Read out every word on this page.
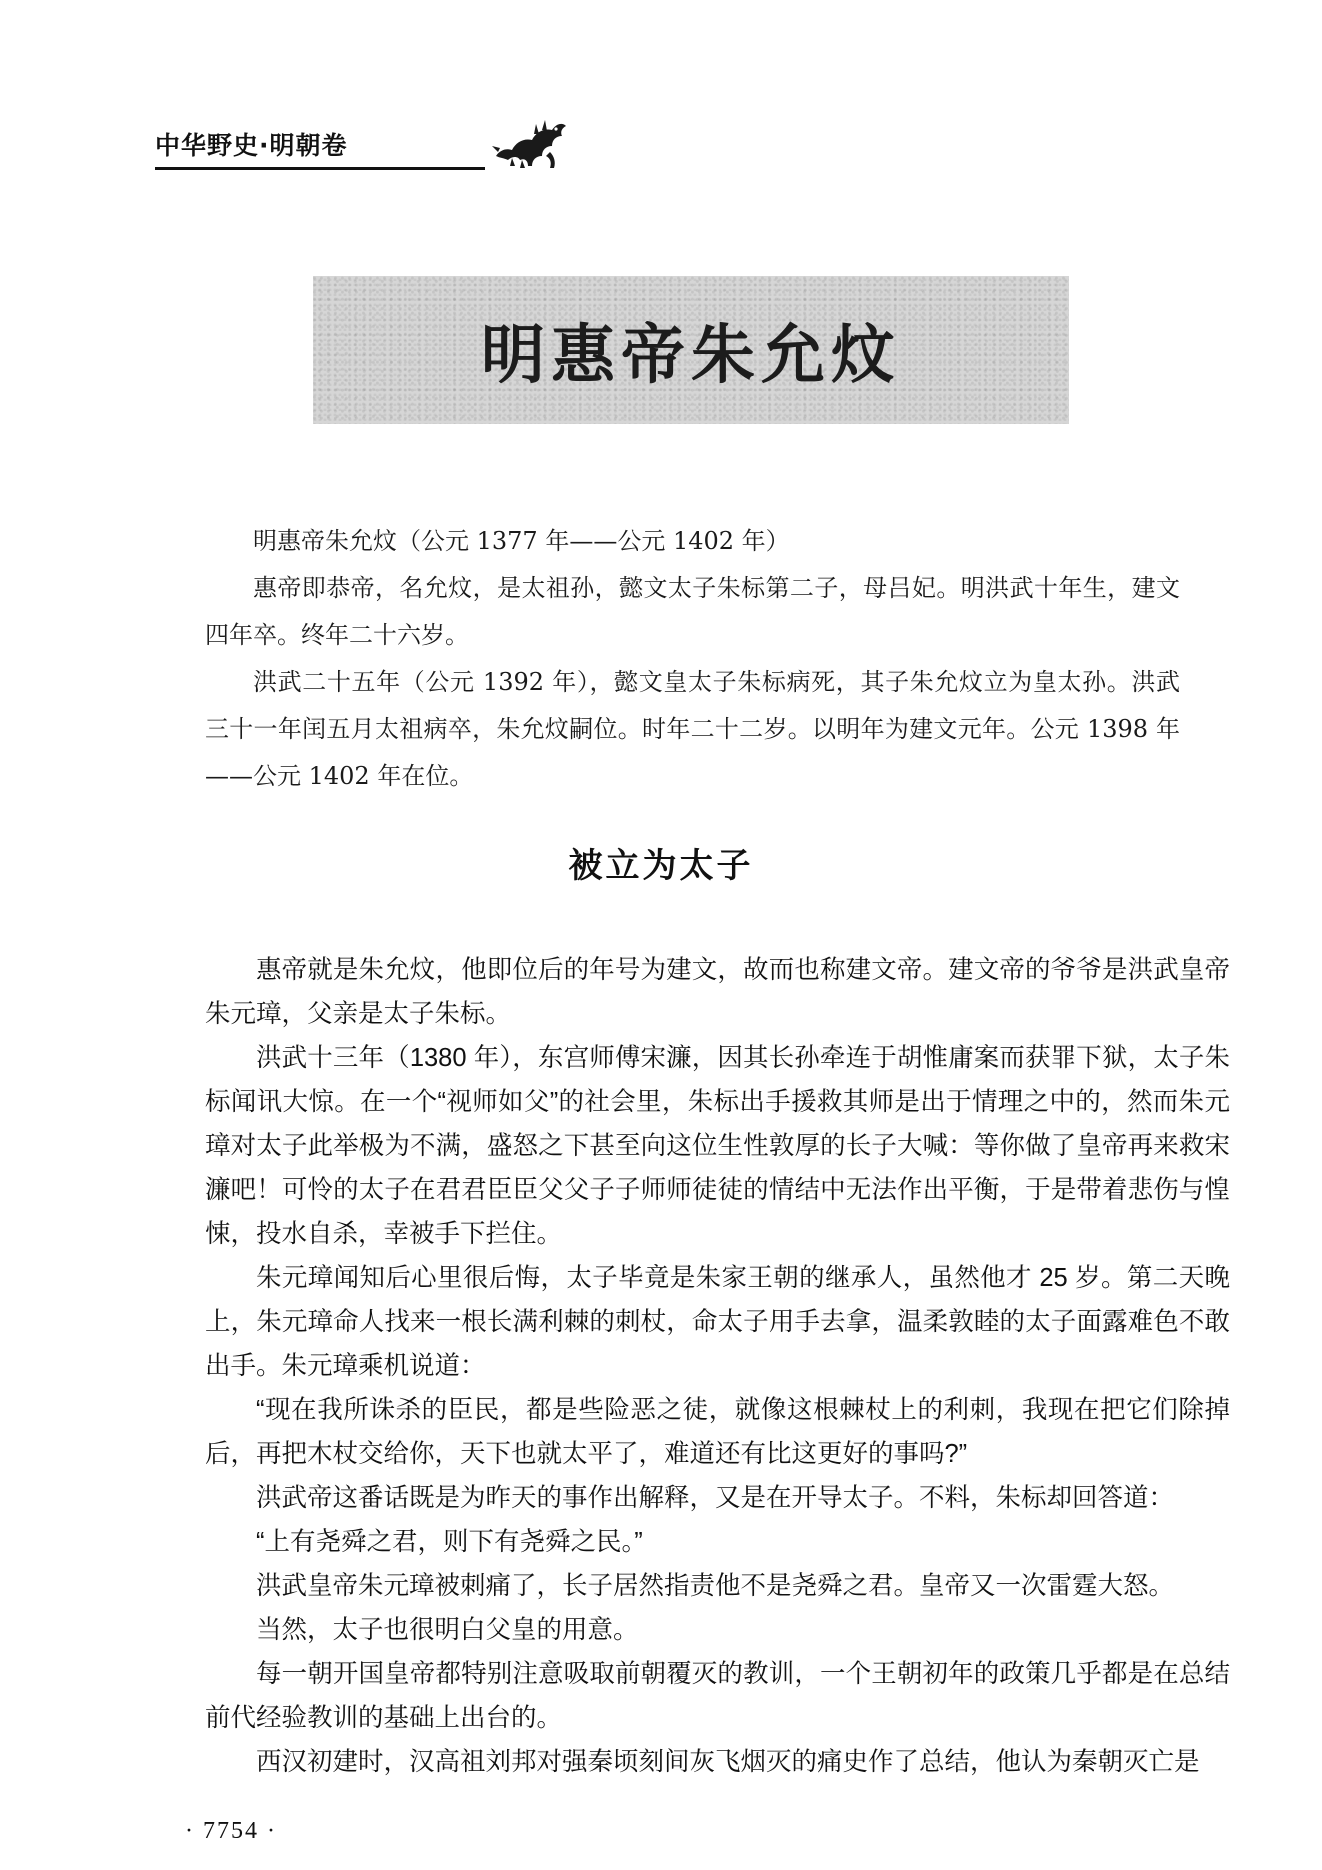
中华野史·明朝卷
明惠帝朱允炆

明惠帝朱允炆（公元 1377 年——公元 1402 年）

惠帝即恭帝，名允炆，是太祖孙，懿文太子朱标第二子，母吕妃。明洪武十年生，建文四年卒。终年二十六岁。

洪武二十五年（公元 1392 年），懿文皇太子朱标病死，其子朱允炆立为皇太孙。洪武三十一年闰五月太祖病卒，朱允炆嗣位。时年二十二岁。以明年为建文元年。公元 1398 年——公元 1402 年在位。

被立为太子

惠帝就是朱允炆，他即位后的年号为建文，故而也称建文帝。建文帝的爷爷是洪武皇帝朱元璋，父亲是太子朱标。

洪武十三年（1380 年），东宫师傅宋濂，因其长孙牵连于胡惟庸案而获罪下狱，太子朱标闻讯大惊。在一个“视师如父”的社会里，朱标出手援救其师是出于情理之中的，然而朱元璋对太子此举极为不满，盛怒之下甚至向这位生性敦厚的长子大喊：等你做了皇帝再来救宋濂吧！可怜的太子在君君臣臣父父子子师师徒徒的情结中无法作出平衡，于是带着悲伤与惶悚，投水自杀，幸被手下拦住。

朱元璋闻知后心里很后悔，太子毕竟是朱家王朝的继承人，虽然他才 25 岁。第二天晚上，朱元璋命人找来一根长满利棘的刺杖，命太子用手去拿，温柔敦睦的太子面露难色不敢出手。朱元璋乘机说道：

“现在我所诛杀的臣民，都是些险恶之徒，就像这根棘杖上的利刺，我现在把它们除掉后，再把木杖交给你，天下也就太平了，难道还有比这更好的事吗?”

洪武帝这番话既是为昨天的事作出解释，又是在开导太子。不料，朱标却回答道：

“上有尧舜之君，则下有尧舜之民。”

洪武皇帝朱元璋被刺痛了，长子居然指责他不是尧舜之君。皇帝又一次雷霆大怒。

当然，太子也很明白父皇的用意。

每一朝开国皇帝都特别注意吸取前朝覆灭的教训，一个王朝初年的政策几乎都是在总结前代经验教训的基础上出台的。

西汉初建时，汉高祖刘邦对强秦顷刻间灰飞烟灭的痛史作了总结，他认为秦朝灭亡是

· 7754 ·
